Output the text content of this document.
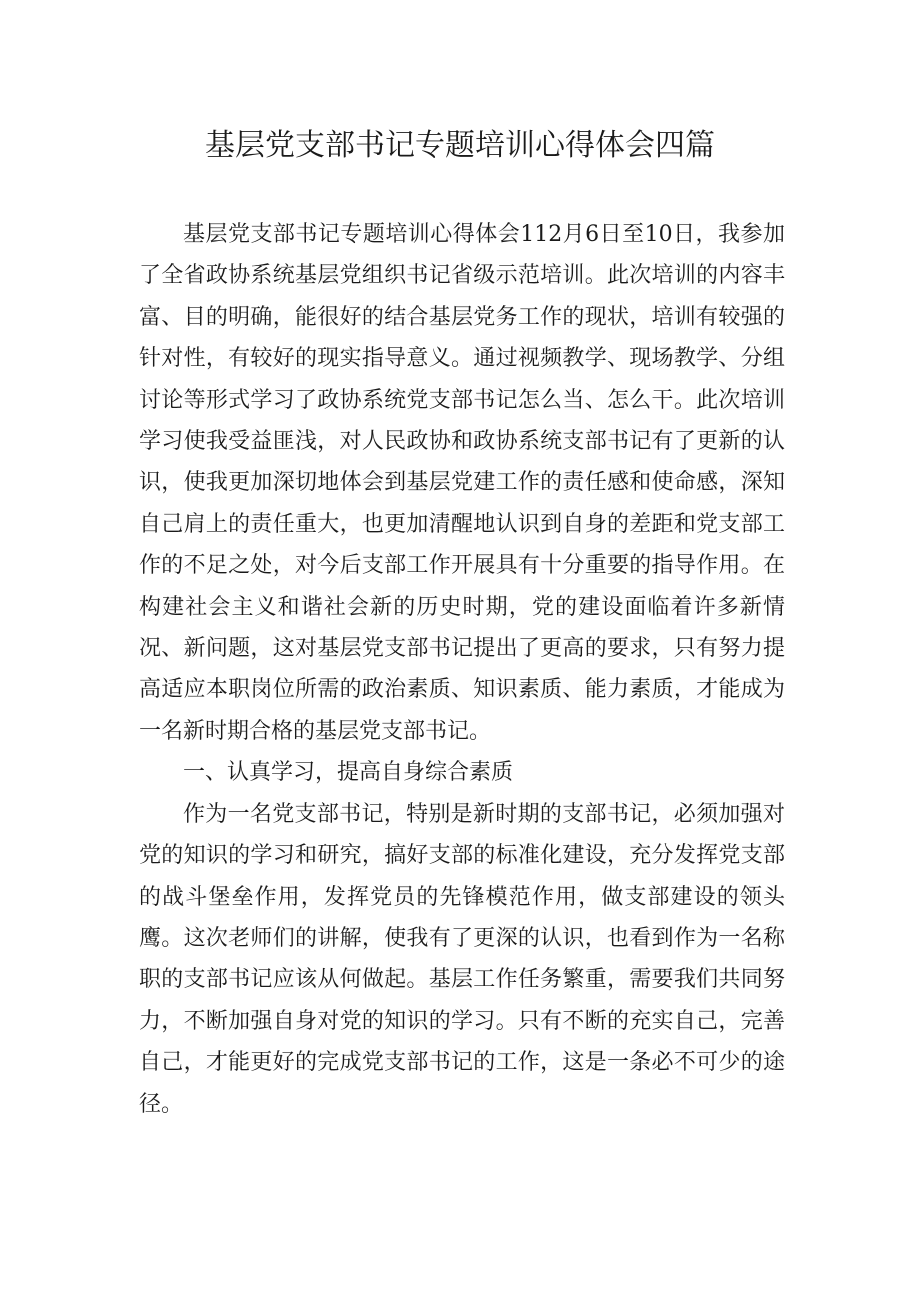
基层党支部书记专题培训心得体会四篇

基层党支部书记专题培训心得体会112月6日至10日，我参加了全省政协系统基层党组织书记省级示范培训。此次培训的内容丰富、目的明确，能很好的结合基层党务工作的现状，培训有较强的针对性，有较好的现实指导意义。通过视频教学、现场教学、分组讨论等形式学习了政协系统党支部书记怎么当、怎么干。此次培训学习使我受益匪浅，对人民政协和政协系统支部书记有了更新的认识，使我更加深切地体会到基层党建工作的责任感和使命感，深知自己肩上的责任重大，也更加清醒地认识到自身的差距和党支部工作的不足之处，对今后支部工作开展具有十分重要的指导作用。在构建社会主义和谐社会新的历史时期，党的建设面临着许多新情况、新问题，这对基层党支部书记提出了更高的要求，只有努力提高适应本职岗位所需的政治素质、知识素质、能力素质，才能成为一名新时期合格的基层党支部书记。

一、认真学习，提高自身综合素质

作为一名党支部书记，特别是新时期的支部书记，必须加强对党的知识的学习和研究，搞好支部的标准化建设，充分发挥党支部的战斗堡垒作用，发挥党员的先锋模范作用，做支部建设的领头鹰。这次老师们的讲解，使我有了更深的认识，也看到作为一名称职的支部书记应该从何做起。基层工作任务繁重，需要我们共同努力，不断加强自身对党的知识的学习。只有不断的充实自己，完善自己，才能更好的完成党支部书记的工作，这是一条必不可少的途径。
